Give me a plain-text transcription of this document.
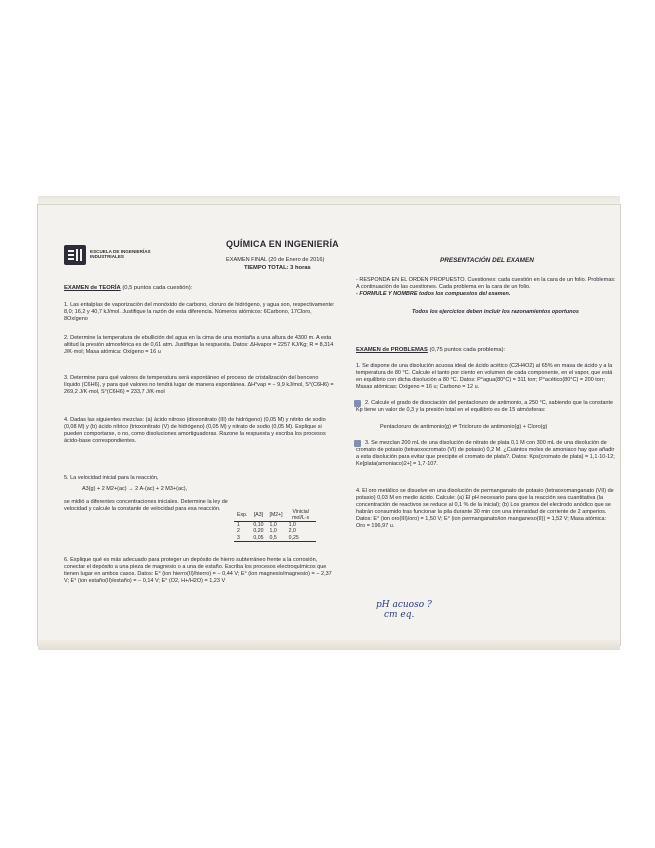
ESCUELA DE INGENIERÍAS INDUSTRIALES
QUÍMICA EN INGENIERÍA
EXAMEN FINAL (20 de Enero de 2016)
TIEMPO TOTAL: 3 horas
EXAMEN de TEORÍA (0,5 puntos cada cuestión):
1. Las entalpías de vaporización del monóxido de carbono, cloruro de hidrógeno, y agua son, respectivamente: 8,0; 16,2 y 40,7 kJ/mol. Justifique la razón de esta diferencia. Números atómicos: 6Carbono, 17Cloro, 8Oxígeno
2. Determine la temperatura de ebullición del agua en la cima de una montaña a una altura de 4300 m. A esta altitud la presión atmosférica es de 0,61 atm. Justifique la respuesta. Datos: ΔHvapor = 2257 KJ/Kg; R = 8,314 J/K·mol; Masa atómica: Oxígeno = 16 u
3. Determine para qué valores de temperatura será espontáneo el proceso de cristalización del benceno líquido (C6H6), y para qué valores no tendrá lugar de manera espontánea. ΔH°vap = − 9,9 kJ/mol, S°(C6H6) = 269,2 J/K·mol, S°(C6H6) = 233,7 J/K·mol
4. Dadas las siguientes mezclas: (a) ácido nitroso (dioxonitrato (III) de hidrógeno) (0,05 M) y nitrito de sodio (0,08 M) y (b) ácido nítrico (trioxonitrato (V) de hidrógeno) (0,05 M) y nitrato de sodio (0,05 M). Explique si pueden comportarse, o no, como disoluciones amortiguadoras. Razone la respuesta y escriba los procesos ácido-base correspondientes.
5. La velocidad inicial para la reacción,
A3(g) + 2 M2+(ac) → 2 A-(ac) + 2 M3+(ac),
se midió a diferentes concentraciones iniciales. Determine la ley de velocidad y calcule la constante de velocidad para esa reacción.
Exp.	[A3]	[M2+]	Vinicial mol/L·s
1	0,10	1,0	1,0
2	0,20	1,0	2,0
3	0,05	0,5	0,25
6. Explique qué es más adecuado para proteger un depósito de hierro subterráneo frente a la corrosión, conectar el depósito a una pieza de magnesio o a una de estaño. Escriba los procesos electroquímicos que tienen lugar en ambos casos. Datos: E° (ion hierro(II)/hierro) = − 0,44 V; E° (ion magnesio/magnesio) = − 2,37 V; E° (ion estaño(II)/estaño) = − 0,14 V; E° (O2, H+/H2O) = 1,23 V
PRESENTACIÓN DEL EXAMEN
- RESPONDA EN EL ORDEN PROPUESTO. Cuestiones: cada cuestión en la cara de un folio. Problemas: A continuación de las cuestiones. Cada problema en la cara de un folio.
- FORMULE Y NOMBRE todos los compuestos del examen.
Todos los ejercicios deben incluir los razonamientos oportunos
EXAMEN de PROBLEMAS (0,75 puntos cada problema):
1. Se dispone de una disolución acuosa ideal de ácido acético (C2H4O2) al 65% en masa de ácido y a la temperatura de 80 °C. Calcule el tanto por ciento en volumen de cada componente, en el vapor, que está en equilibrio con dicha disolución a 80 °C. Datos: P°agua(80°C) = 311 torr; P°acético(80°C) = 200 torr; Masas atómicas: Oxígeno = 16 u; Carbono = 12 u.
2. Calcule el grado de disociación del pentacloruro de antimonio, a 250 °C, sabiendo que la constante Kp tiene un valor de 0,3 y la presión total en el equilibrio es de 15 atmósferas:
Pentacloruro de antimonio(g) ⇌ Tricloruro de antimonio(g) + Cloro(g)
3. Se mezclan 200 mL de una disolución de nitrato de plata 0,1 M con 300 mL de una disolución de cromato de potasio (tetraoxocromato (VI) de potasio) 0,2 M. ¿Cuántos moles de amoniaco hay que añadir a esta disolución para evitar que precipite el cromato de plata?. Datos: Kps(cromato de plata) = 1,1·10-12; Ke[plata(amoniaco)2+] = 1,7·107.
4. El oro metálico se disuelve en una disolución de permanganato de potasio (tetraoxomanganato (VII) de potasio) 0,03 M en medio ácido. Calcule: (a) El pH necesario para que la reacción sea cuantitativa (la concentración de reactivos se reduce al 0,1 % de la inicial); (b) Los gramos del electrodo anódico que se habrán consumido tras funcionar la pila durante 30 min con una intensidad de corriente de 2 amperios. Datos: E° (ion oro(III)/oro) = 1,50 V; E° (ion permanganato/ion manganeso(II)) = 1,52 V; Masa atómica: Oro = 196,97 u.
pH acuoso ?
cm eq.
